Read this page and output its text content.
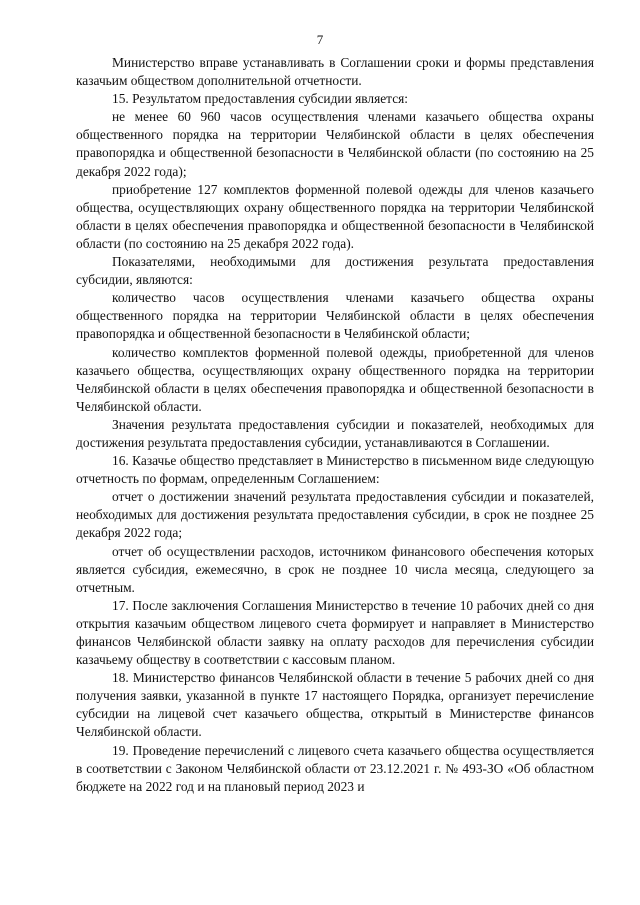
7

Министерство вправе устанавливать в Соглашении сроки и формы представления казачьим обществом дополнительной отчетности.

15. Результатом предоставления субсидии является:

не менее 60 960 часов осуществления членами казачьего общества охраны общественного порядка на территории Челябинской области в целях обеспечения правопорядка и общественной безопасности в Челябинской области (по состоянию на 25 декабря 2022 года);

приобретение 127 комплектов форменной полевой одежды для членов казачьего общества, осуществляющих охрану общественного порядка на территории Челябинской области в целях обеспечения правопорядка и общественной безопасности в Челябинской области (по состоянию на 25 декабря 2022 года).

Показателями, необходимыми для достижения результата предоставления субсидии, являются:

количество часов осуществления членами казачьего общества охраны общественного порядка на территории Челябинской области в целях обеспечения правопорядка и общественной безопасности в Челябинской области;

количество комплектов форменной полевой одежды, приобретенной для членов казачьего общества, осуществляющих охрану общественного порядка на территории Челябинской области в целях обеспечения правопорядка и общественной безопасности в Челябинской области.

Значения результата предоставления субсидии и показателей, необходимых для достижения результата предоставления субсидии, устанавливаются в Соглашении.

16. Казачье общество представляет в Министерство в письменном виде следующую отчетность по формам, определенным Соглашением:

отчет о достижении значений результата предоставления субсидии и показателей, необходимых для достижения результата предоставления субсидии, в срок не позднее 25 декабря 2022 года;

отчет об осуществлении расходов, источником финансового обеспечения которых является субсидия, ежемесячно, в срок не позднее 10 числа месяца, следующего за отчетным.

17. После заключения Соглашения Министерство в течение 10 рабочих дней со дня открытия казачьим обществом лицевого счета формирует и направляет в Министерство финансов Челябинской области заявку на оплату расходов для перечисления субсидии казачьему обществу в соответствии с кассовым планом.

18. Министерство финансов Челябинской области в течение 5 рабочих дней со дня получения заявки, указанной в пункте 17 настоящего Порядка, организует перечисление субсидии на лицевой счет казачьего общества, открытый в Министерстве финансов Челябинской области.

19. Проведение перечислений с лицевого счета казачьего общества осуществляется в соответствии с Законом Челябинской области от 23.12.2021 г. № 493-ЗО «Об областном бюджете на 2022 год и на плановый период 2023 и
